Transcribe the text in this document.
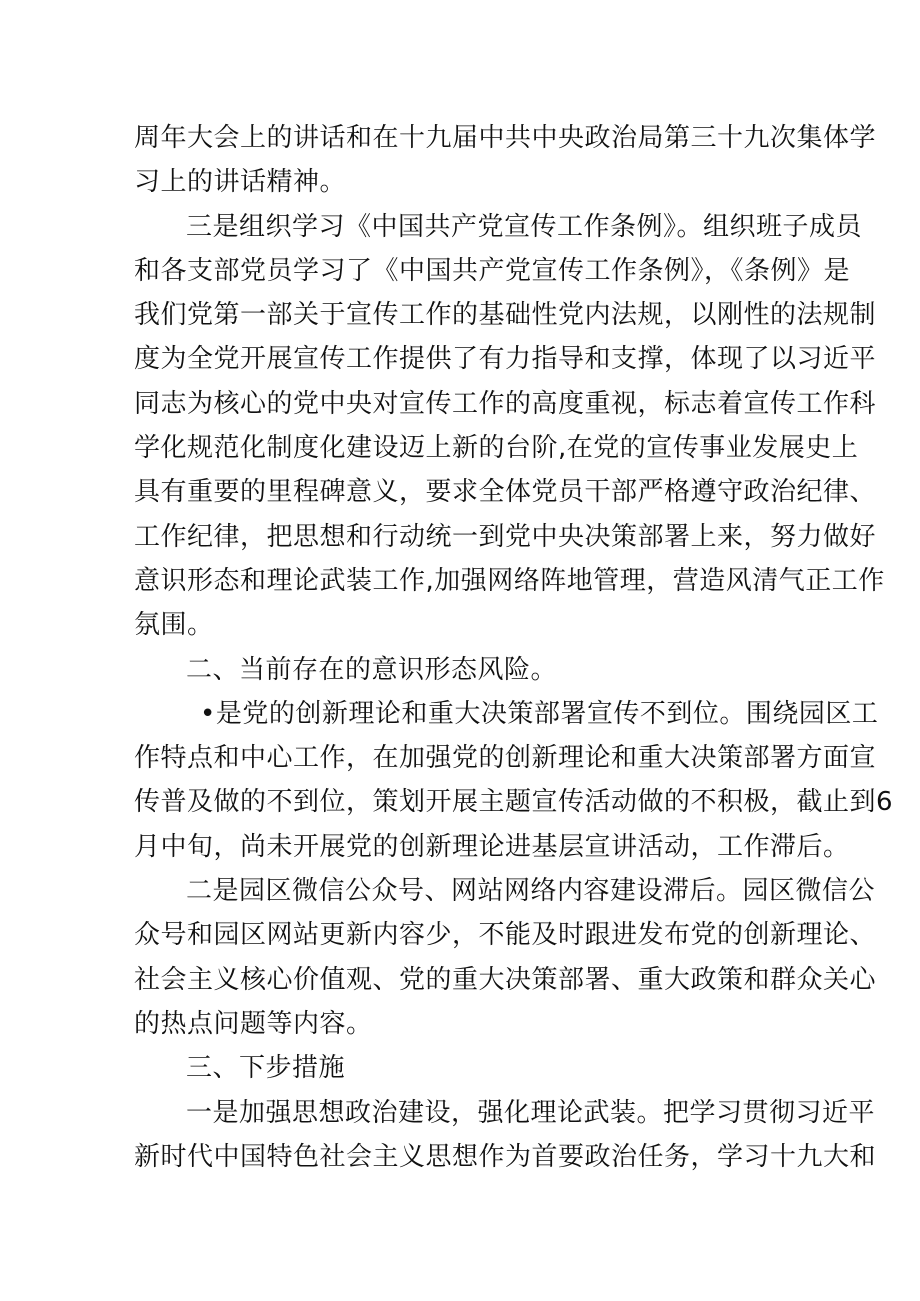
周年大会上的讲话和在十九届中共中央政治局第三十九次集体学
习上的讲话精神。
三是组织学习《中国共产党宣传工作条例》。组织班子成员
和各支部党员学习了《中国共产党宣传工作条例》，《条例》是
我们党第一部关于宣传工作的基础性党内法规，以刚性的法规制
度为全党开展宣传工作提供了有力指导和支撑，体现了以习近平
同志为核心的党中央对宣传工作的高度重视，标志着宣传工作科
学化规范化制度化建设迈上新的台阶,在党的宣传事业发展史上
具有重要的里程碑意义，要求全体党员干部严格遵守政治纪律、
工作纪律，把思想和行动统一到党中央决策部署上来，努力做好
意识形态和理论武装工作,加强网络阵地管理，营造风清气正工作
氛围。
二、当前存在的意识形态风险。
•是党的创新理论和重大决策部署宣传不到位。围绕园区工
作特点和中心工作，在加强党的创新理论和重大决策部署方面宣
传普及做的不到位，策划开展主题宣传活动做的不积极，截止到6
月中旬，尚未开展党的创新理论进基层宣讲活动，工作滞后。
二是园区微信公众号、网站网络内容建设滞后。园区微信公
众号和园区网站更新内容少，不能及时跟进发布党的创新理论、
社会主义核心价值观、党的重大决策部署、重大政策和群众关心
的热点问题等内容。
三、下步措施
一是加强思想政治建设，强化理论武装。把学习贯彻习近平
新时代中国特色社会主义思想作为首要政治任务，学习十九大和
